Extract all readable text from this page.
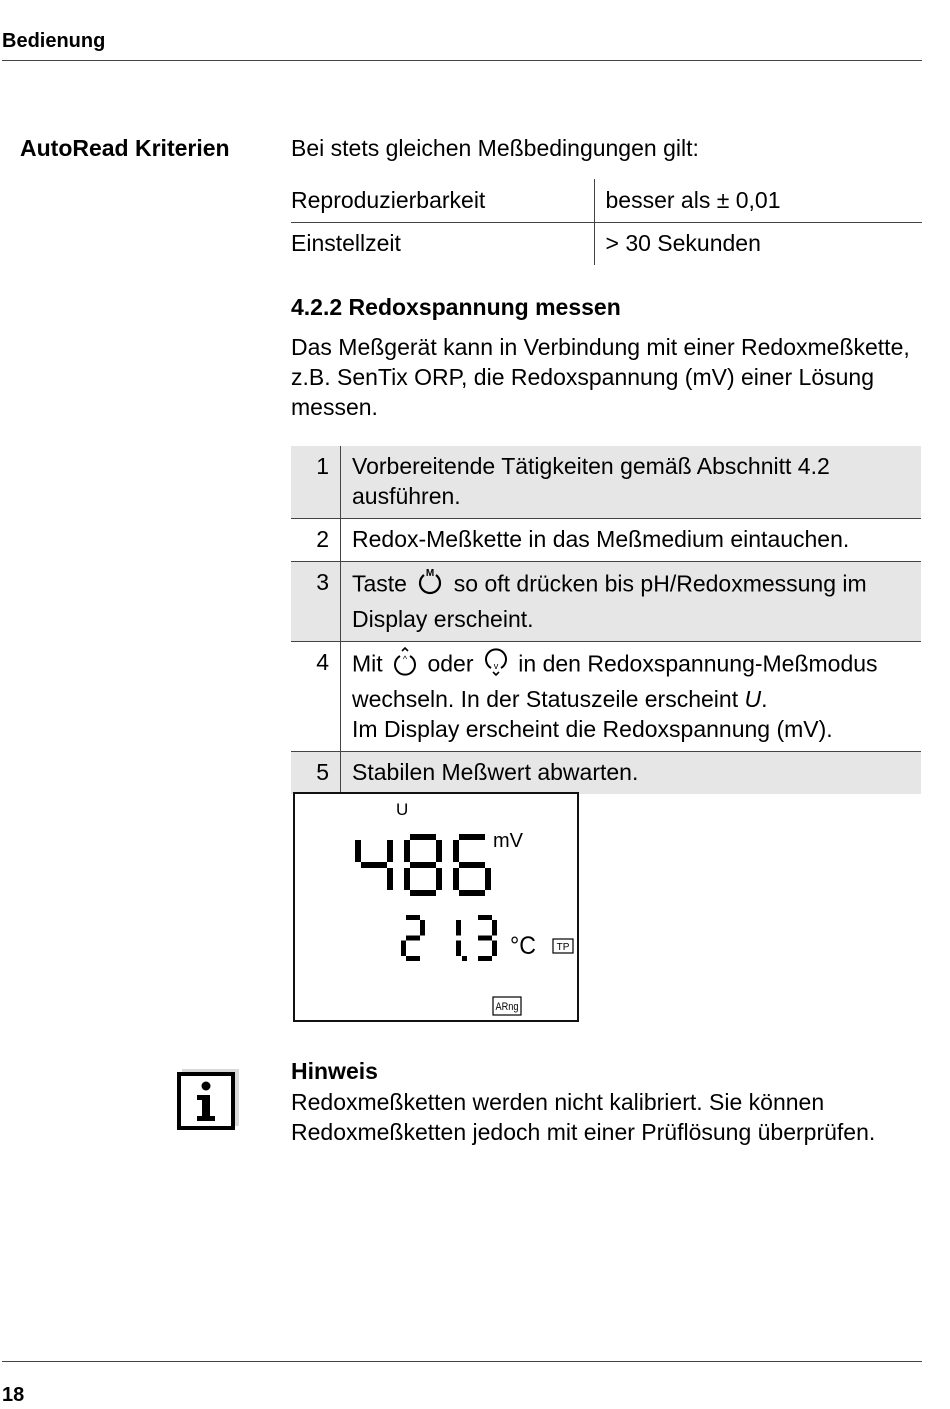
Bedienung
AutoRead Kriterien	Bei stets gleichen Meßbedingungen gilt:
Reproduzierbarkeit	besser als ± 0,01
Einstellzeit	> 30 Sekunden
4.2.2 Redoxspannung messen
Das Meßgerät kann in Verbindung mit einer Redoxmeßkette, z.B. SenTix ORP, die Redoxspannung (mV) einer Lösung messen.
1	Vorbereitende Tätigkeiten gemäß Abschnitt 4.2 ausführen.
2	Redox-Meßkette in das Meßmedium eintauchen.
3	Taste M so oft drücken bis pH/Redoxmessung im Display erscheint.
4	Mit ^ oder v in den Redoxspannung-Meßmodus wechseln. In der Statuszeile erscheint U.
Im Display erscheint die Redoxspannung (mV).
5	Stabilen Meßwert abwarten.
U
mV
°C TP
ARng
Hinweis
Redoxmeßketten werden nicht kalibriert. Sie können Redoxmeßketten jedoch mit einer Prüflösung überprüfen.
18
